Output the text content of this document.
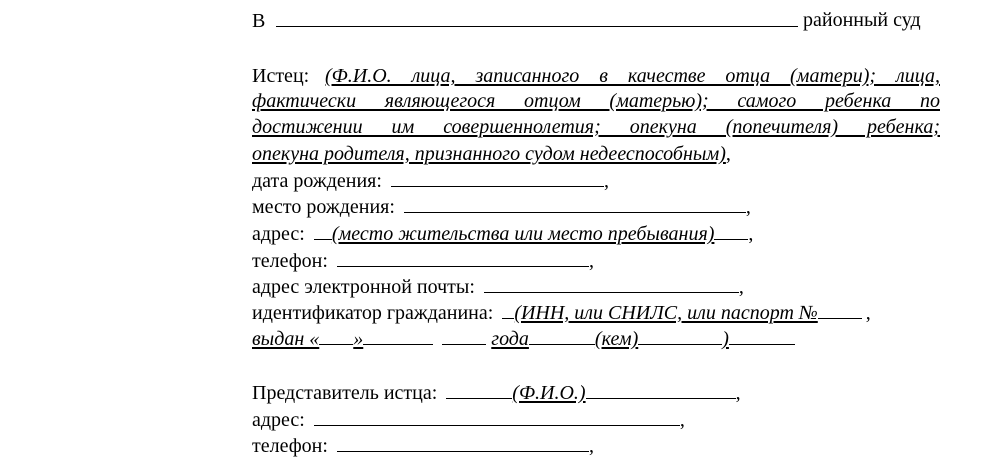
В	районный суд
Истец: (Ф.И.О. лица, записанного в качестве отца (матери); лица,
фактически являющегося отцом (матерью); самого ребенка по
достижении им совершеннолетия; опекуна (попечителя) ребенка;
опекуна родителя, признанного судом недееспособным),
дата рождения:	,
место рождения:	,
адрес: (место жительства или место пребывания) ,
телефон:	,
адрес электронной почты:	,
идентификатор гражданина: (ИНН, или СНИЛС, или паспорт № ,
выдан « »	года	(кем)	)
Представитель истца:	(Ф.И.О.)	,
адрес:	,
телефон:	,
